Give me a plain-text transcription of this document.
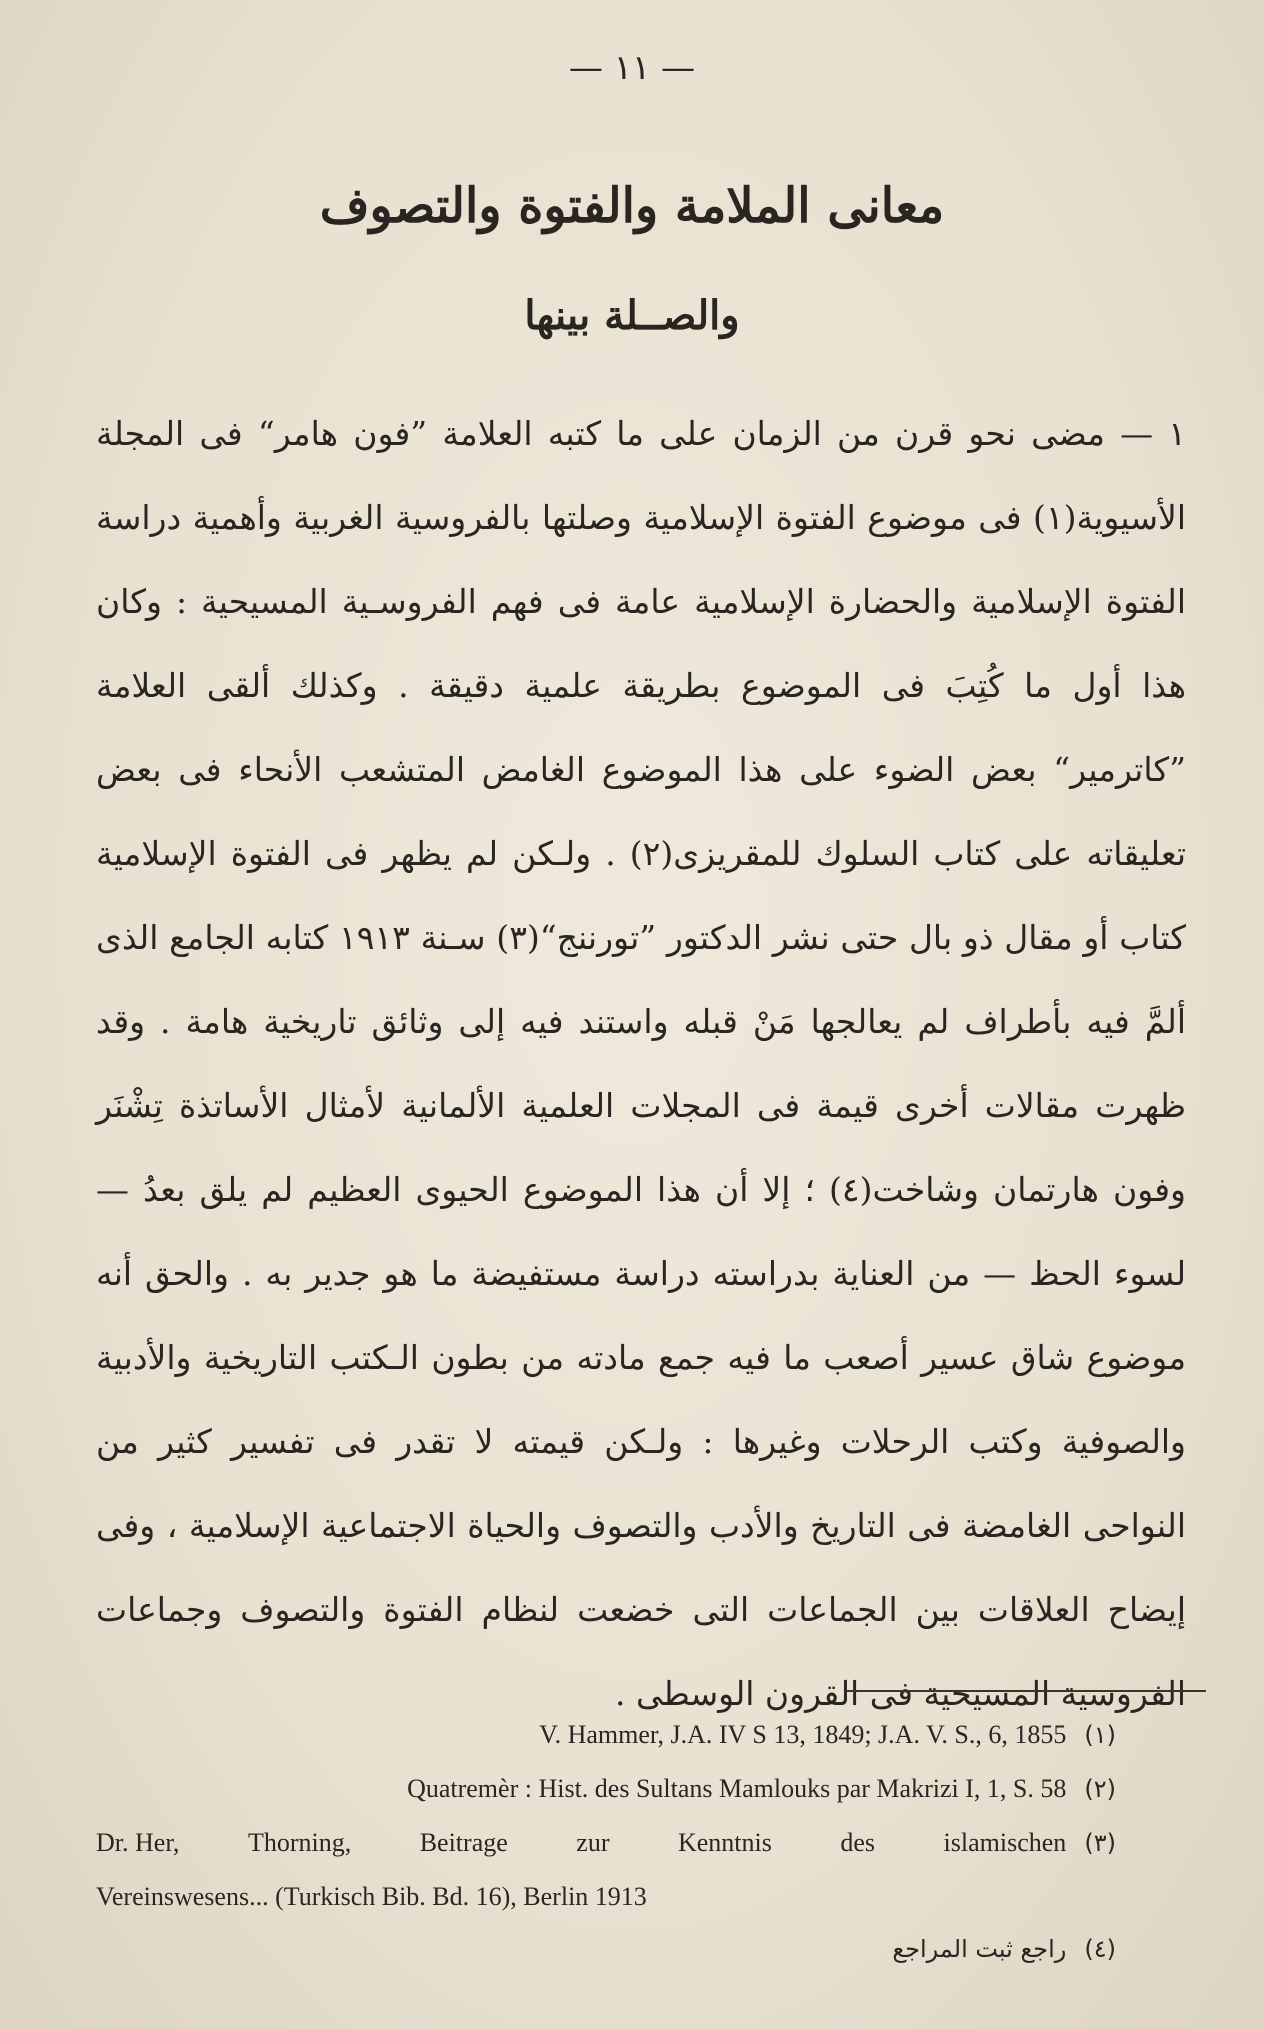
— ١١ —
معانى الملامة والفتوة والتصوف
والصــلة بينها

١ — مضى نحو قرن من الزمان على ما كتبه العلامة ”فون هامر“ فى المجلة الأسيوية(١) فى موضوع الفتوة الإسلامية وصلتها بالفروسية الغربية وأهمية دراسة الفتوة الإسلامية والحضارة الإسلامية عامة فى فهم الفروسـية المسيحية : وكان هذا أول ما كُتِبَ فى الموضوع بطريقة علمية دقيقة . وكذلك ألقى العلامة ”كاترمير“ بعض الضوء على هذا الموضوع الغامض المتشعب الأنحاء فى بعض تعليقاته على كتاب السلوك للمقريزى(٢) . ولـكن لم يظهر فى الفتوة الإسلامية كتاب أو مقال ذو بال حتى نشر الدكتور ”تورننج“(٣) سـنة ١٩١٣ كتابه الجامع الذى ألمَّ فيه بأطراف لم يعالجها مَنْ قبله واستند فيه إلى وثائق تاريخية هامة . وقد ظهرت مقالات أخرى قيمة فى المجلات العلمية الألمانية لأمثال الأساتذة تِشْنَر وفون هارتمان وشاخت(٤) ؛ إلا أن هذا الموضوع الحيوى العظيم لم يلق بعدُ — لسوء الحظ — من العناية بدراسته دراسة مستفيضة ما هو جدير به . والحق أنه موضوع شاق عسير أصعب ما فيه جمع مادته من بطون الـكتب التاريخية والأدبية والصوفية وكتب الرحلات وغيرها : ولـكن قيمته لا تقدر فى تفسير كثير من النواحى الغامضة فى التاريخ والأدب والتصوف والحياة الاجتماعية الإسلامية ، وفى إيضاح العلاقات بين الجماعات التى خضعت لنظام الفتوة والتصوف وجماعات الفروسية المسيحية فى القرون الوسطى .

(١)
V. Hammer, J.A. IV S 13, 1849; J.A. V. S., 6, 1855
(٢)
Quatremèr : Hist. des Sultans Mamlouks par Makrizi I, 1, S. 58
(٣)
Dr. Her,	Thorning,	Beitrage	zur	Kenntnis	des	islamischen
Vereinswesens... (Turkisch Bib. Bd. 16), Berlin 1913
(٤)
راجع ثبت المراجع
